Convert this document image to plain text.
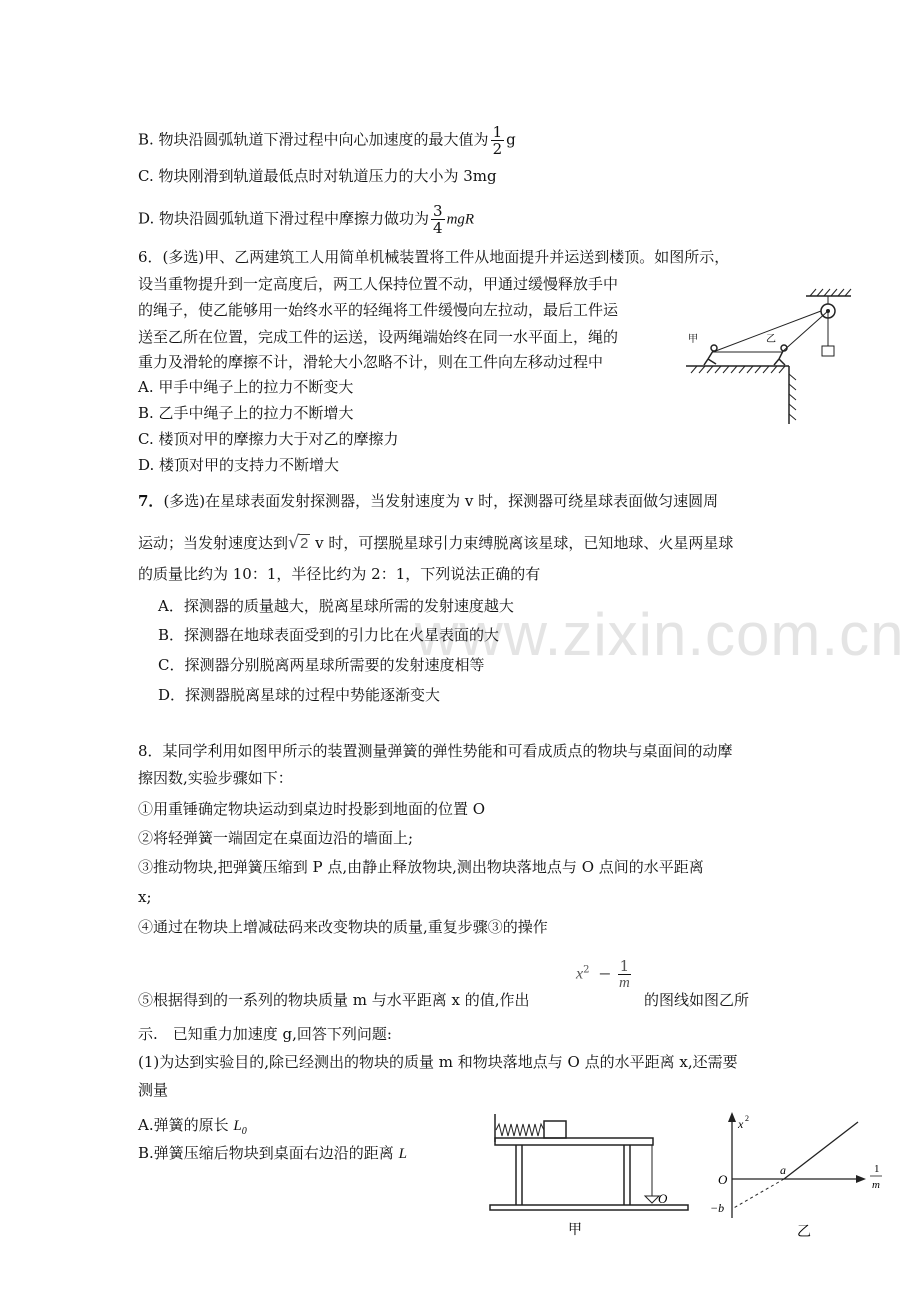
www.zixin.com.cn
B. 物块沿圆弧轨道下滑过程中向心加速度的最大值为 $\frac{1}{2}$ g
C. 物块刚滑到轨道最低点时对轨道压力的大小为 3mg
D. 物块沿圆弧轨道下滑过程中摩擦力做功为 $\frac{3}{4}$ mgR
6．(多选)甲、乙两建筑工人用简单机械装置将工件从地面提升并运送到楼顶。如图所示，
设当重物提升到一定高度后，两工人保持位置不动，甲通过缓慢释放手中
的绳子，使乙能够用一始终水平的轻绳将工件缓慢向左拉动，最后工件运
送至乙所在位置，完成工件的运送，设两绳端始终在同一水平面上，绳的
重力及滑轮的摩擦不计，滑轮大小忽略不计，则在工件向左移动过程中
A. 甲手中绳子上的拉力不断变大
B. 乙手中绳子上的拉力不断增大
C. 楼顶对甲的摩擦力大于对乙的摩擦力
D. 楼顶对甲的支持力不断增大
甲	乙
7．(多选)在星球表面发射探测器，当发射速度为 v 时，探测器可绕星球表面做匀速圆周
运动；当发射速度达到 √ 2 v 时，可摆脱星球引力束缚脱离该星球，已知地球、火星两星球
的质量比约为 10：1，半径比约为 2：1，下列说法正确的有
A．探测器的质量越大，脱离星球所需的发射速度越大
B．探测器在地球表面受到的引力比在火星表面的大
C．探测器分别脱离两星球所需要的发射速度相等
D．探测器脱离星球的过程中势能逐渐变大
8．某同学利用如图甲所示的装置测量弹簧的弹性势能和可看成质点的物块与桌面间的动摩
擦因数,实验步骤如下：
①用重锤确定物块运动到桌边时投影到地面的位置 O
②将轻弹簧一端固定在桌面边沿的墙面上;
③推动物块,把弹簧压缩到 P 点,由静止释放物块,测出物块落地点与 O 点间的水平距离
x;
④通过在物块上增减砝码来改变物块的质量,重复步骤③的操作
⑤根据得到的一系列的物块质量 m 与水平距离 x 的值,作出
$x^2 - \frac{1}{m}$
的图线如图乙所
示.　已知重力加速度 g,回答下列问题:
(1)为达到实验目的,除已经测出的物块的质量 m 和物块落地点与 O 点的水平距离 x,还需要
测量
A.弹簧的原长 $L_0$
B.弹簧压缩后物块到桌面右边沿的距离 L
O
甲
x 2
1
m
O
a
−b
乙
